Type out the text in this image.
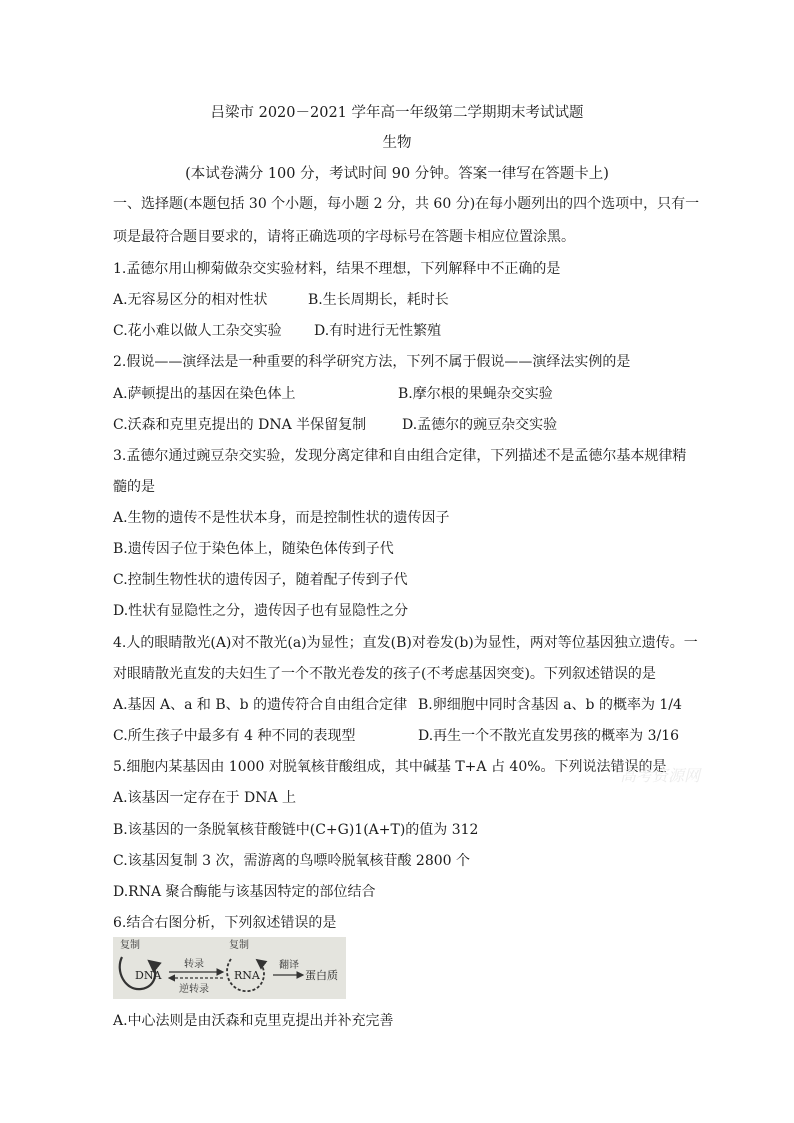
吕梁市 2020－2021 学年高一年级第二学期期末考试试题
生物
(本试卷满分 100 分，考试时间 90 分钟。答案一律写在答题卡上)
一、选择题(本题包括 30 个小题，每小题 2 分，共 60 分)在每小题列出的四个选项中，只有一
项是最符合题目要求的，请将正确选项的字母标号在答题卡相应位置涂黑。
1.孟德尔用山柳菊做杂交实验材料，结果不理想，下列解释中不正确的是
A.无容易区分的相对性状	B.生长周期长，耗时长
C.花小难以做人工杂交实验 D.有时进行无性繁殖
2.假说——演绎法是一种重要的科学研究方法，下列不属于假说——演绎法实例的是
A.萨顿提出的基因在染色体上	B.摩尔根的果蝇杂交实验
C.沃森和克里克提出的 DNA 半保留复制	D.孟德尔的豌豆杂交实验
3.孟德尔通过豌豆杂交实验，发现分离定律和自由组合定律，下列描述不是孟德尔基本规律精
髓的是
A.生物的遗传不是性状本身，而是控制性状的遗传因子
B.遗传因子位于染色体上，随染色体传到子代
C.控制生物性状的遗传因子，随着配子传到子代
D.性状有显隐性之分，遗传因子也有显隐性之分
4.人的眼睛散光(A)对不散光(a)为显性；直发(B)对卷发(b)为显性，两对等位基因独立遗传。一
对眼睛散光直发的夫妇生了一个不散光卷发的孩子(不考虑基因突变)。下列叙述错误的是
A.基因 A、a 和 B、b 的遗传符合自由组合定律 B.卵细胞中同时含基因 a、b 的概率为 1/4
C.所生孩子中最多有 4 种不同的表现型	D.再生一个不散光直发男孩的概率为 3/16
5.细胞内某基因由 1000 对脱氧核苷酸组成，其中碱基 T+A 占 40%。下列说法错误的是
A.该基因一定存在于 DNA 上
B.该基因的一条脱氧核苷酸链中(C+G)1(A+T)的值为 312
C.该基因复制 3 次，需游离的鸟嘌呤脱氧核苷酸 2800 个
D.RNA 聚合酶能与该基因特定的部位结合
6.结合右图分析，下列叙述错误的是
复制
DNA
转录
逆转录
复制
RNA
翻译
蛋白质
A.中心法则是由沃森和克里克提出并补充完善
高考资源网
